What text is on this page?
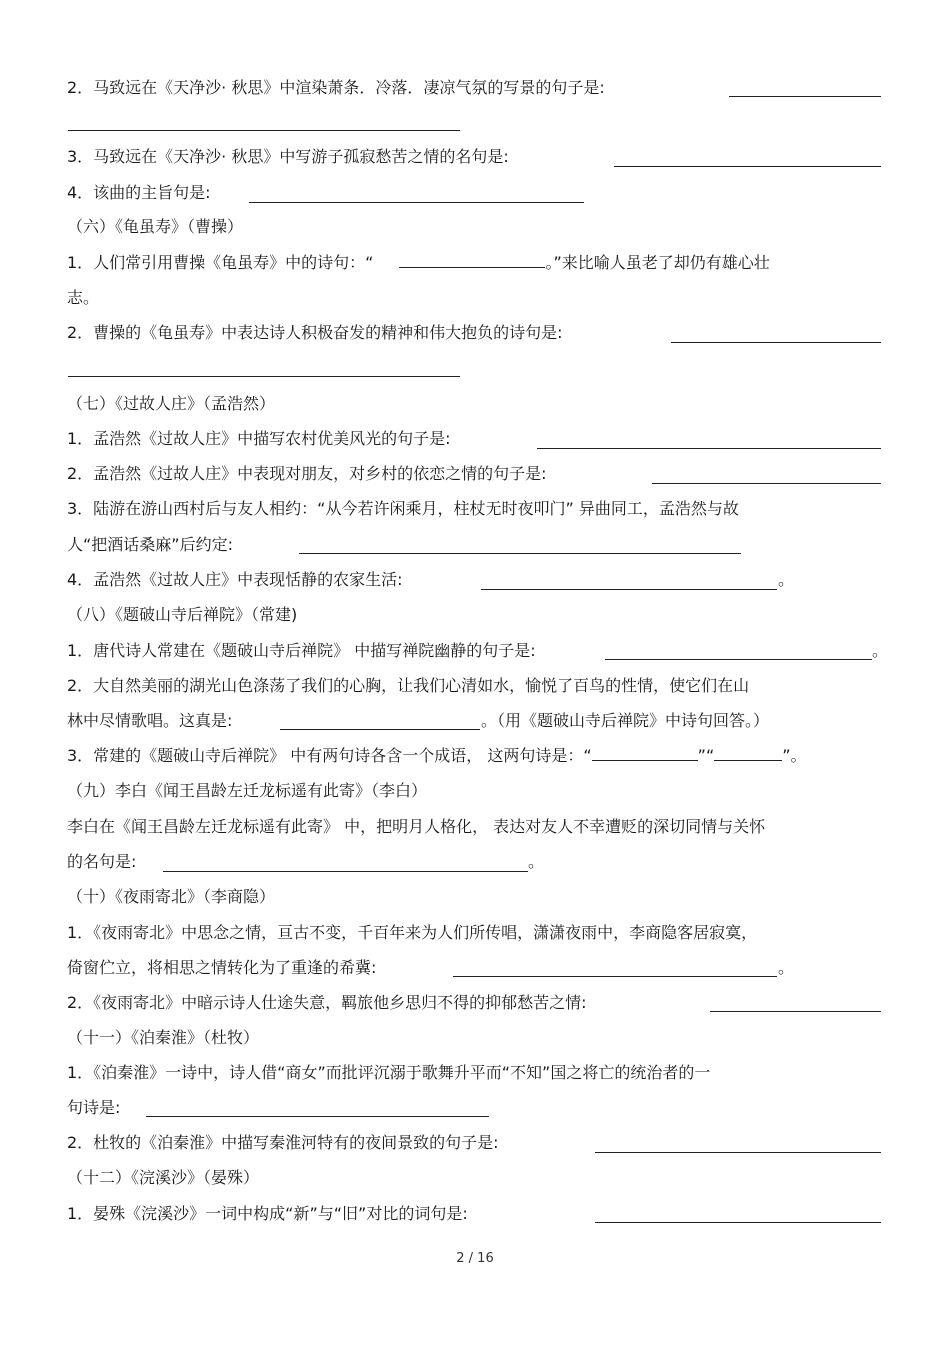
2．马致远在《天净沙· 秋思》中渲染萧条．冷落．凄凉气氛的写景的句子是:
3．马致远在《天净沙· 秋思》中写游子孤寂愁苦之情的名句是:
4．该曲的主旨句是:
（六）《龟虽寿》（曹操）
1．人们常引用曹操《龟虽寿》中的诗句：“	。”来比喻人虽老了却仍有雄心壮
志。
2．曹操的《龟虽寿》中表达诗人积极奋发的精神和伟大抱负的诗句是:
（七）《过故人庄》（孟浩然）
1．孟浩然《过故人庄》中描写农村优美风光的句子是:
2．孟浩然《过故人庄》中表现对朋友，对乡村的依恋之情的句子是:
3．陆游在游山西村后与友人相约：“从今若许闲乘月，柱杖无时夜叩门” 异曲同工，孟浩然与故
人“把酒话桑麻”后约定:
4．孟浩然《过故人庄》中表现恬静的农家生活:	。
（八）《题破山寺后禅院》（常建)
1．唐代诗人常建在《题破山寺后禅院》 中描写禅院幽静的句子是:	。
2．大自然美丽的湖光山色涤荡了我们的心胸，让我们心清如水，愉悦了百鸟的性情，使它们在山
林中尽情歌唱。这真是:	。（用《题破山寺后禅院》中诗句回答。）
3．常建的《题破山寺后禅院》 中有两句诗各含一个成语， 这两句诗是：“	”“	”。
（九）李白《闻王昌龄左迁龙标遥有此寄》（李白）
李白在《闻王昌龄左迁龙标遥有此寄》 中，把明月人格化， 表达对友人不幸遭贬的深切同情与关怀
的名句是:	。
（十）《夜雨寄北》（李商隐）
1．《夜雨寄北》中思念之情，亘古不变，千百年来为人们所传唱，潇潇夜雨中，李商隐客居寂寞，
倚窗伫立，将相思之情转化为了重逢的希冀:	。
2．《夜雨寄北》中暗示诗人仕途失意，羁旅他乡思归不得的抑郁愁苦之情:
（十一）《泊秦淮》（杜牧）
1．《泊秦淮》一诗中，诗人借“商女”而批评沉溺于歌舞升平而“不知”国之将亡的统治者的一
句诗是:
2．杜牧的《泊秦淮》中描写秦淮河特有的夜间景致的句子是:
（十二）《浣溪沙》（晏殊）
1．晏殊《浣溪沙》一词中构成“新”与“旧”对比的词句是:
2 / 16
